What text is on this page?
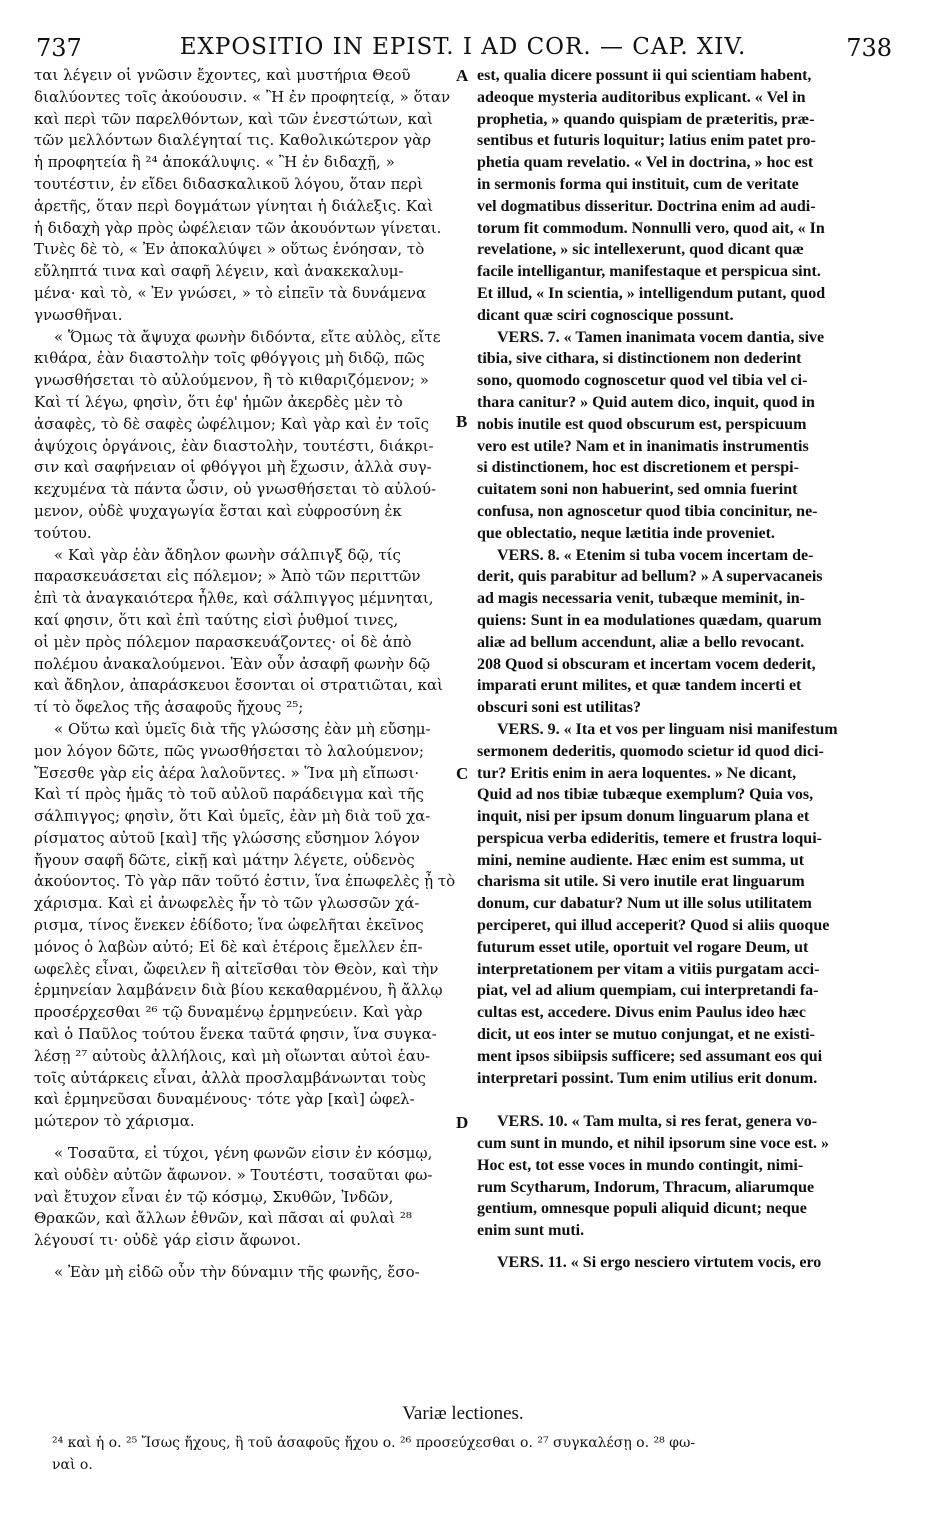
737	EXPOSITIO IN EPIST. I AD COR. — CAP. XIV.	738
ται λέγειν οἱ γνῶσιν ἔχοντες, καὶ μυστήρια Θεοῦ
διαλύοντες τοῖς ἀκούουσιν. « Ἢ ἐν προφητείᾳ, » ὅταν
καὶ περὶ τῶν παρελθόντων, καὶ τῶν ἐνεστώτων, καὶ
τῶν μελλόντων διαλέγηταί τις. Καθολικώτερον γὰρ
ἡ προφητεία ἢ ²⁴ ἀποκάλυψις. « Ἢ ἐν διδαχῇ, »
τουτέστιν, ἐν εἴδει διδασκαλικοῦ λόγου, ὅταν περὶ
ἀρετῆς, ὅταν περὶ δογμάτων γίνηται ἡ διάλεξις. Καὶ
ἡ διδαχὴ γὰρ πρὸς ὠφέλειαν τῶν ἀκουόντων γίνεται.
Τινὲς δὲ τὸ, « Ἐν ἀποκαλύψει » οὕτως ἐνόησαν, τὸ
εὔληπτά τινα καὶ σαφῆ λέγειν, καὶ ἀνακεκαλυμ-
μένα· καὶ τὸ, « Ἐν γνώσει, » τὸ εἰπεῖν τὰ δυνάμενα
γνωσθῆναι.
« Ὅμως τὰ ἄψυχα φωνὴν διδόντα, εἴτε αὐλὸς, εἴτε
κιθάρα, ἐὰν διαστολὴν τοῖς φθόγγοις μὴ διδῷ, πῶς
γνωσθήσεται τὸ αὐλούμενον, ἢ τὸ κιθαριζόμενον; »
Καὶ τί λέγω, φησὶν, ὅτι ἐφ' ἡμῶν ἀκερδὲς μὲν τὸ
ἀσαφὲς, τὸ δὲ σαφὲς ὠφέλιμον; Καὶ γὰρ καὶ ἐν τοῖς
ἀψύχοις ὀργάνοις, ἐὰν διαστολὴν, τουτέστι, διάκρι-
σιν καὶ σαφήνειαν οἱ φθόγγοι μὴ ἔχωσιν, ἀλλὰ συγ-
κεχυμένα τὰ πάντα ὦσιν, οὐ γνωσθήσεται τὸ αὐλού-
μενον, οὐδὲ ψυχαγωγία ἔσται καὶ εὐφροσύνη ἐκ
τούτου.
« Καὶ γὰρ ἐὰν ἄδηλον φωνὴν σάλπιγξ δῷ, τίς
παρασκευάσεται εἰς πόλεμον; » Ἀπὸ τῶν περιττῶν
ἐπὶ τὰ ἀναγκαιότερα ἦλθε, καὶ σάλπιγγος μέμνηται,
καί φησιν, ὅτι καὶ ἐπὶ ταύτης εἰσὶ ῥυθμοί τινες,
οἱ μὲν πρὸς πόλεμον παρασκευάζοντες· οἱ δὲ ἀπὸ
πολέμου ἀνακαλούμενοι. Ἐὰν οὖν ἀσαφῆ φωνὴν δῷ
καὶ ἄδηλον, ἀπαράσκευοι ἔσονται οἱ στρατιῶται, καὶ
τί τὸ ὄφελος τῆς ἀσαφοῦς ἤχους ²⁵;
« Οὕτω καὶ ὑμεῖς διὰ τῆς γλώσσης ἐὰν μὴ εὔσημ-
μον λόγον δῶτε, πῶς γνωσθήσεται τὸ λαλούμενον;
Ἔσεσθε γὰρ εἰς ἀέρα λαλοῦντες. » Ἵνα μὴ εἴπωσι·
Καὶ τί πρὸς ἡμᾶς τὸ τοῦ αὐλοῦ παράδειγμα καὶ τῆς
σάλπιγγος; φησὶν, ὅτι Καὶ ὑμεῖς, ἐὰν μὴ διὰ τοῦ χα-
ρίσματος αὐτοῦ [καὶ] τῆς γλώσσης εὔσημον λόγον
ἤγουν σαφῆ δῶτε, εἰκῇ καὶ μάτην λέγετε, οὐδενὸς
ἀκούοντος. Τὸ γὰρ πᾶν τοῦτό ἐστιν, ἵνα ἐπωφελὲς ᾖ τὸ
χάρισμα. Καὶ εἰ ἀνωφελὲς ἦν τὸ τῶν γλωσσῶν χά-
ρισμα, τίνος ἕνεκεν ἐδίδοτο; ἵνα ὠφελῆται ἐκεῖνος
μόνος ὁ λαβὼν αὐτό; Εἰ δὲ καὶ ἑτέροις ἔμελλεν ἐπ-
ωφελὲς εἶναι, ὤφειλεν ἢ αἰτεῖσθαι τὸν Θεὸν, καὶ τὴν
ἑρμηνείαν λαμβάνειν διὰ βίου κεκαθαρμένου, ἢ ἄλλῳ
προσέρχεσθαι ²⁶ τῷ δυναμένῳ ἑρμηνεύειν. Καὶ γὰρ
καὶ ὁ Παῦλος τούτου ἕνεκα ταῦτά φησιν, ἵνα συγκα-
λέσῃ ²⁷ αὐτοὺς ἀλλήλοις, καὶ μὴ οἴωνται αὐτοὶ ἑαυ-
τοῖς αὐτάρκεις εἶναι, ἀλλὰ προσλαμβάνωνται τοὺς
καὶ ἑρμηνεῦσαι δυναμένους· τότε γὰρ [καὶ] ὠφελ-
μώτερον τὸ χάρισμα.
« Τοσαῦτα, εἰ τύχοι, γένη φωνῶν εἰσιν ἐν κόσμῳ,
καὶ οὐδὲν αὐτῶν ἄφωνον. » Τουτέστι, τοσαῦται φω-
ναὶ ἔτυχον εἶναι ἐν τῷ κόσμῳ, Σκυθῶν, Ἰνδῶν,
Θρακῶν, καὶ ἄλλων ἐθνῶν, καὶ πᾶσαι αἱ φυλαὶ ²⁸
λέγουσί τι· οὐδὲ γάρ εἰσιν ἄφωνοι.
« Ἐὰν μὴ εἰδῶ οὖν τὴν δύναμιν τῆς φωνῆς, ἔσο-
A
B
C
D
est, qualia dicere possunt ii qui scientiam habent,
adeoque mysteria auditoribus explicant. « Vel in
prophetia, » quando quispiam de præteritis, præ-
sentibus et futuris loquitur; latius enim patet pro-
phetia quam revelatio. « Vel in doctrina, » hoc est
in sermonis forma qui instituit, cum de veritate
vel dogmatibus disseritur. Doctrina enim ad audi-
torum fit commodum. Nonnulli vero, quod ait, « In
revelatione, » sic intellexerunt, quod dicant quæ
facile intelligantur, manifestaque et perspicua sint.
Et illud, « In scientia, » intelligendum putant, quod
dicant quæ sciri cognoscique possunt.
VERS. 7. « Tamen inanimata vocem dantia, sive
tibia, sive cithara, si distinctionem non dederint
sono, quomodo cognoscetur quod vel tibia vel ci-
thara canitur? » Quid autem dico, inquit, quod in
nobis inutile est quod obscurum est, perspicuum
vero est utile? Nam et in inanimatis instrumentis
si distinctionem, hoc est discretionem et perspi-
cuitatem soni non habuerint, sed omnia fuerint
confusa, non agnoscetur quod tibia concinitur, ne-
que oblectatio, neque lætitia inde proveniet.
VERS. 8. « Etenim si tuba vocem incertam de-
derit, quis parabitur ad bellum? » A supervacaneis
ad magis necessaria venit, tubæque meminit, in-
quiens: Sunt in ea modulationes quædam, quarum
aliæ ad bellum accendunt, aliæ a bello revocant.
208 Quod si obscuram et incertam vocem dederit,
imparati erunt milites, et quæ tandem incerti et
obscuri soni est utilitas?
VERS. 9. « Ita et vos per linguam nisi manifestum
sermonem dederitis, quomodo scietur id quod dici-
tur? Eritis enim in aera loquentes. » Ne dicant,
Quid ad nos tibiæ tubæque exemplum? Quia vos,
inquit, nisi per ipsum donum linguarum plana et
perspicua verba edideritis, temere et frustra loqui-
mini, nemine audiente. Hæc enim est summa, ut
charisma sit utile. Si vero inutile erat linguarum
donum, cur dabatur? Num ut ille solus utilitatem
perciperet, qui illud acceperit? Quod si aliis quoque
futurum esset utile, oportuit vel rogare Deum, ut
interpretationem per vitam a vitiis purgatam acci-
piat, vel ad alium quempiam, cui interpretandi fa-
cultas est, accedere. Divus enim Paulus ideo hæc
dicit, ut eos inter se mutuo conjungat, et ne existi-
ment ipsos sibiipsis sufficere; sed assumant eos qui
interpretari possint. Tum enim utilius erit donum.
VERS. 10. « Tam multa, si res ferat, genera vo-
cum sunt in mundo, et nihil ipsorum sine voce est. »
Hoc est, tot esse voces in mundo contingit, nimi-
rum Scytharum, Indorum, Thracum, aliarumque
gentium, omnesque populi aliquid dicunt; neque
enim sunt muti.
VERS. 11. « Si ergo nesciero virtutem vocis, ero
Variæ lectiones.
²⁴ καὶ ἡ ο. ²⁵ Ἴσως ἤχους, ἢ τοῦ ἀσαφοῦς ἤχου ο. ²⁶ προσεύχεσθαι ο. ²⁷ συγκαλέσῃ ο. ²⁸ φω-
ναὶ ο.
